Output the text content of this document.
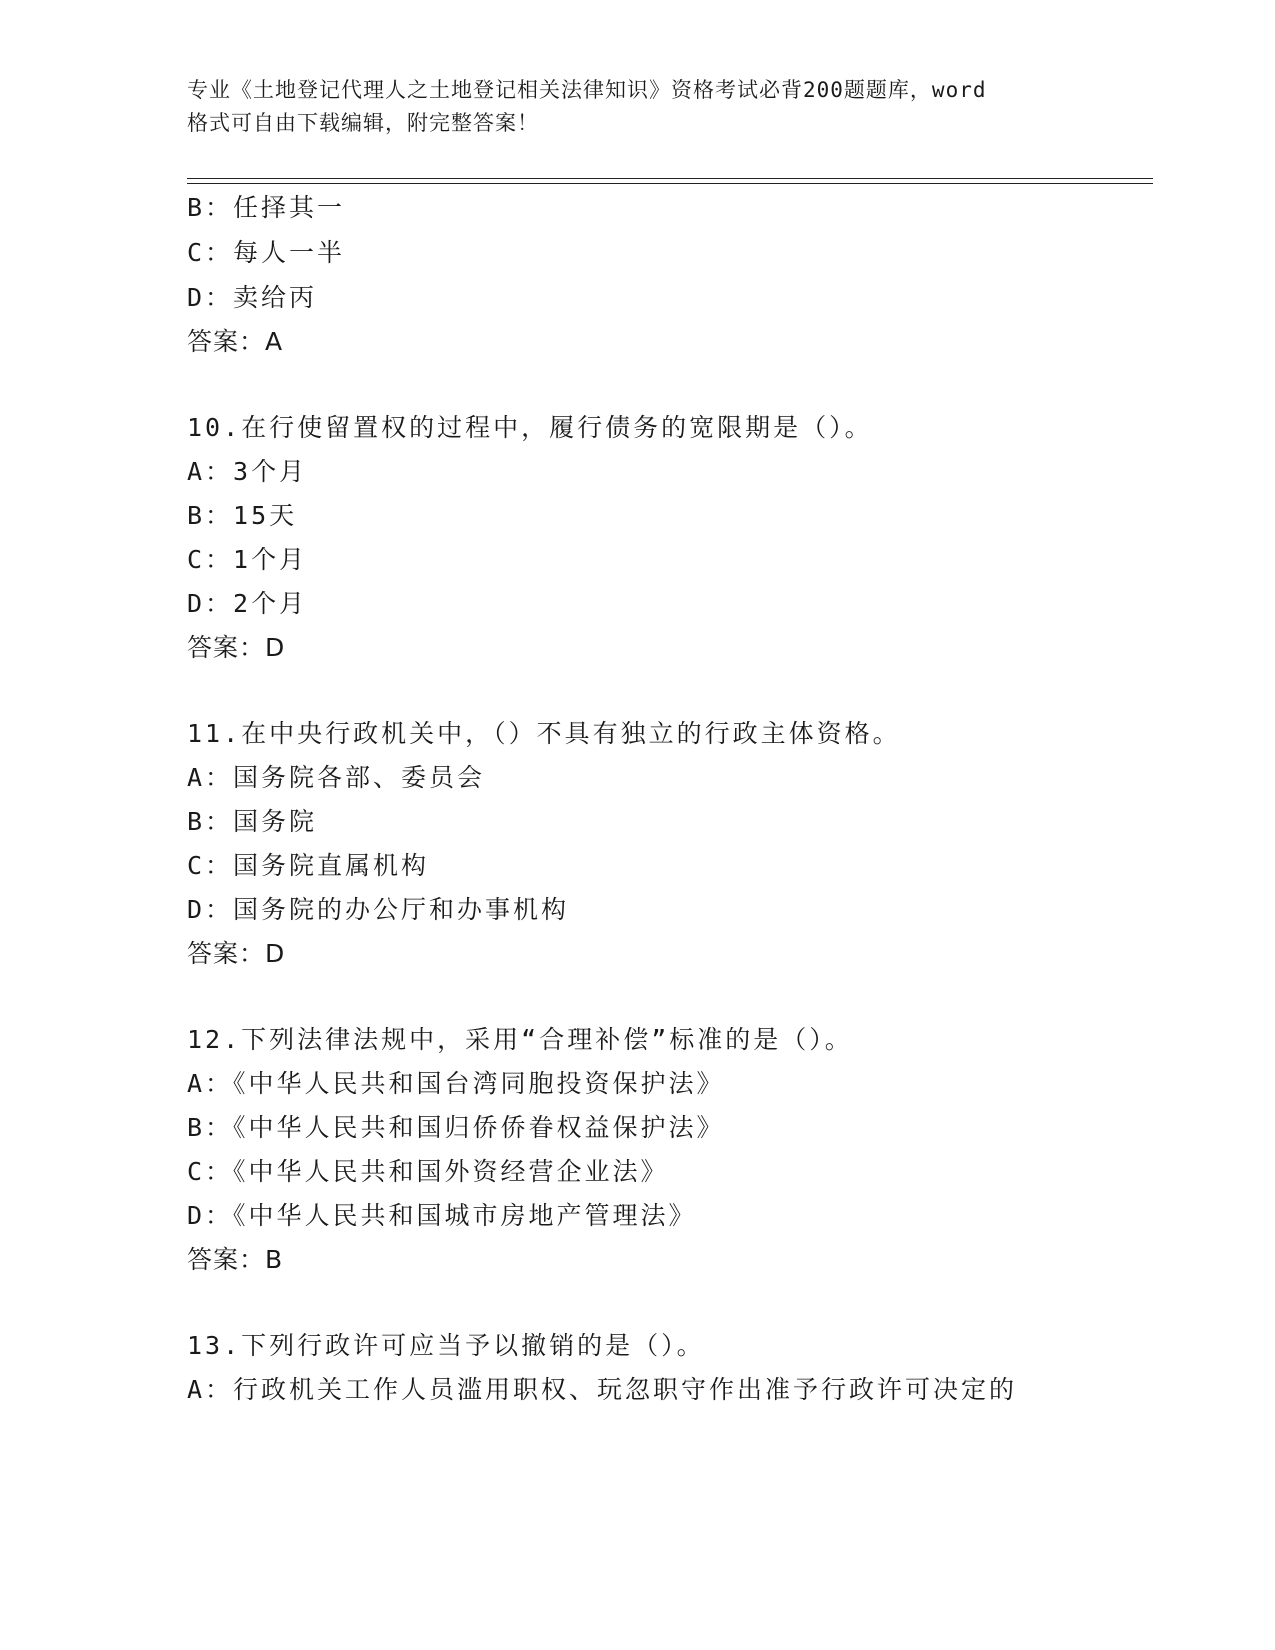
专业《土地登记代理人之土地登记相关法律知识》资格考试必背200题题库，word
格式可自由下载编辑，附完整答案！
B：任择其一
C：每人一半
D：卖给丙
答案：A
10.在行使留置权的过程中，履行债务的宽限期是（）。
A：3个月
B：15天
C：1个月
D：2个月
答案：D
11.在中央行政机关中，（）不具有独立的行政主体资格。
A：国务院各部、委员会
B：国务院
C：国务院直属机构
D：国务院的办公厅和办事机构
答案：D
12.下列法律法规中，采用“合理补偿”标准的是（）。
A：《中华人民共和国台湾同胞投资保护法》
B：《中华人民共和国归侨侨眷权益保护法》
C：《中华人民共和国外资经营企业法》
D：《中华人民共和国城市房地产管理法》
答案：B
13.下列行政许可应当予以撤销的是（）。
A：行政机关工作人员滥用职权、玩忽职守作出准予行政许可决定的
